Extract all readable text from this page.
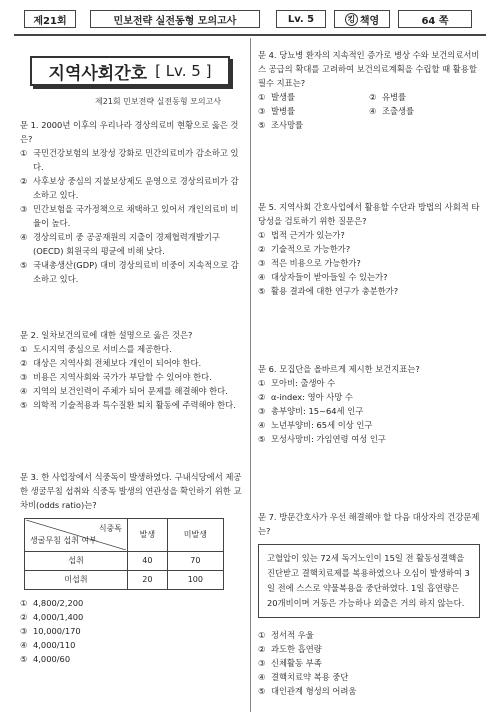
제21회	민보전략 실전동형 모의고사	Lv. 5	킹 책영	64 쪽
지역사회간호 [ Lv. 5 ]
제21회 민보전략 실전동형 모의고사

문 1. 2000년 이후의 우리나라 경상의료비 현황으로 옳은 것은?

① 국민건강보험의 보장성 강화로 민간의료비가 감소하고 있다.
② 사후보상 중심의 지불보상제도 운영으로 경상의료비가 감소하고 있다.
③ 민간보험을 국가정책으로 채택하고 있어서 개인의료비 비율이 높다.
④ 경상의료비 중 공공재원의 지출이 경제협력개발기구(OECD) 회원국의 평균에 비해 낮다.
⑤ 국내총생산(GDP) 대비 경상의료비 비중이 지속적으로 감소하고 있다.

문 2. 일차보건의료에 대한 설명으로 옳은 것은?

① 도시지역 중심으로 서비스를 제공한다.
② 대상은 지역사회 전체보다 개인이 되어야 한다.
③ 비용은 지역사회와 국가가 부담할 수 있어야 한다.
④ 지역의 보건인력이 주체가 되어 문제를 해결해야 한다.
⑤ 의학적 기술적용과 특수질환 퇴치 활동에 주력해야 한다.

문 3. 한 사업장에서 식중독이 발생하였다. 구내식당에서 제공한 생굴무침 섭취와 식중독 발생의 연관성을 확인하기 위한 교차비(odds ratio)는?

식중독
생굴무침 섭취 여부	발생	미발생
섭취	40	70
미섭취	20	100
① 4,800/2,200
② 4,000/1,400
③ 10,000/170
④ 4,000/110
⑤ 4,000/60

문 4. 당뇨병 환자의 지속적인 증가로 병상 수와 보건의료서비스 공급의 확대를 고려하여 보건의료계획을 수립할 때 활용할 필수 지표는?

① 발생률	② 유병률
③ 발병률	④ 조출생률
⑤ 조사망률

문 5. 지역사회 간호사업에서 활용할 수단과 방법의 사회적 타당성을 검토하기 위한 질문은?

① 법적 근거가 있는가?
② 기술적으로 가능한가?
③ 적은 비용으로 가능한가?
④ 대상자들이 받아들일 수 있는가?
⑤ 활용 결과에 대한 연구가 충분한가?

문 6. 모집단을 올바르게 제시한 보건지표는?

① 모아비: 출생아 수
② α-index: 영아 사망 수
③ 총부양비: 15~64세 인구
④ 노년부양비: 65세 이상 인구
⑤ 모성사망비: 가임연령 여성 인구

문 7. 방문간호사가 우선 해결해야 할 다음 대상자의 건강문제는?

고혈압이 있는 72세 독거노인이 15일 전 활동성결핵을 진단받고 결핵치료제를 복용하였으나 오심이 발생하여 3일 전에 스스로 약물복용을 중단하였다. 1일 흡연량은 20개비이며 거동은 가능하나 외출은 거의 하지 않는다.
① 정서적 우울
② 과도한 흡연량
③ 신체활동 부족
④ 결핵치료약 복용 중단
⑤ 대인관계 형성의 어려움
